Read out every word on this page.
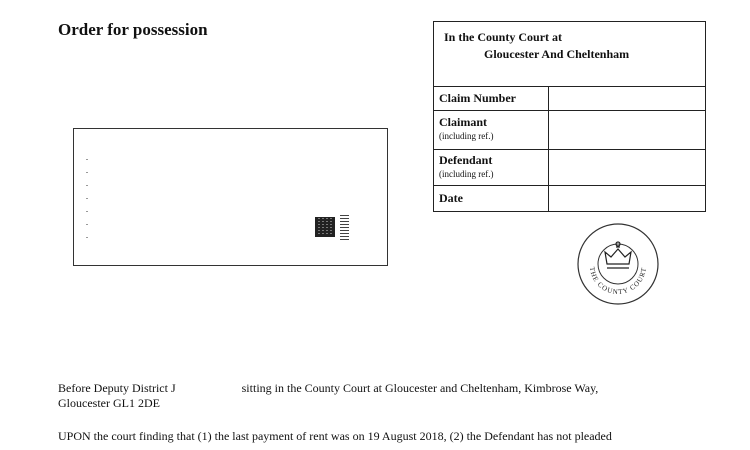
Order for possession	In the County Court at
Gloucester And Cheltenham
Claim Number
Claimant
(including ref.)
Defendant
(including ref.)
Date
THE COUNTY COURT
Before Deputy District J	sitting in the County Court at Gloucester and Cheltenham, Kimbrose Way,
Gloucester GL1 2DE
UPON the court finding that (1) the last payment of rent was on 19 August 2018, (2) the Defendant has not pleaded
